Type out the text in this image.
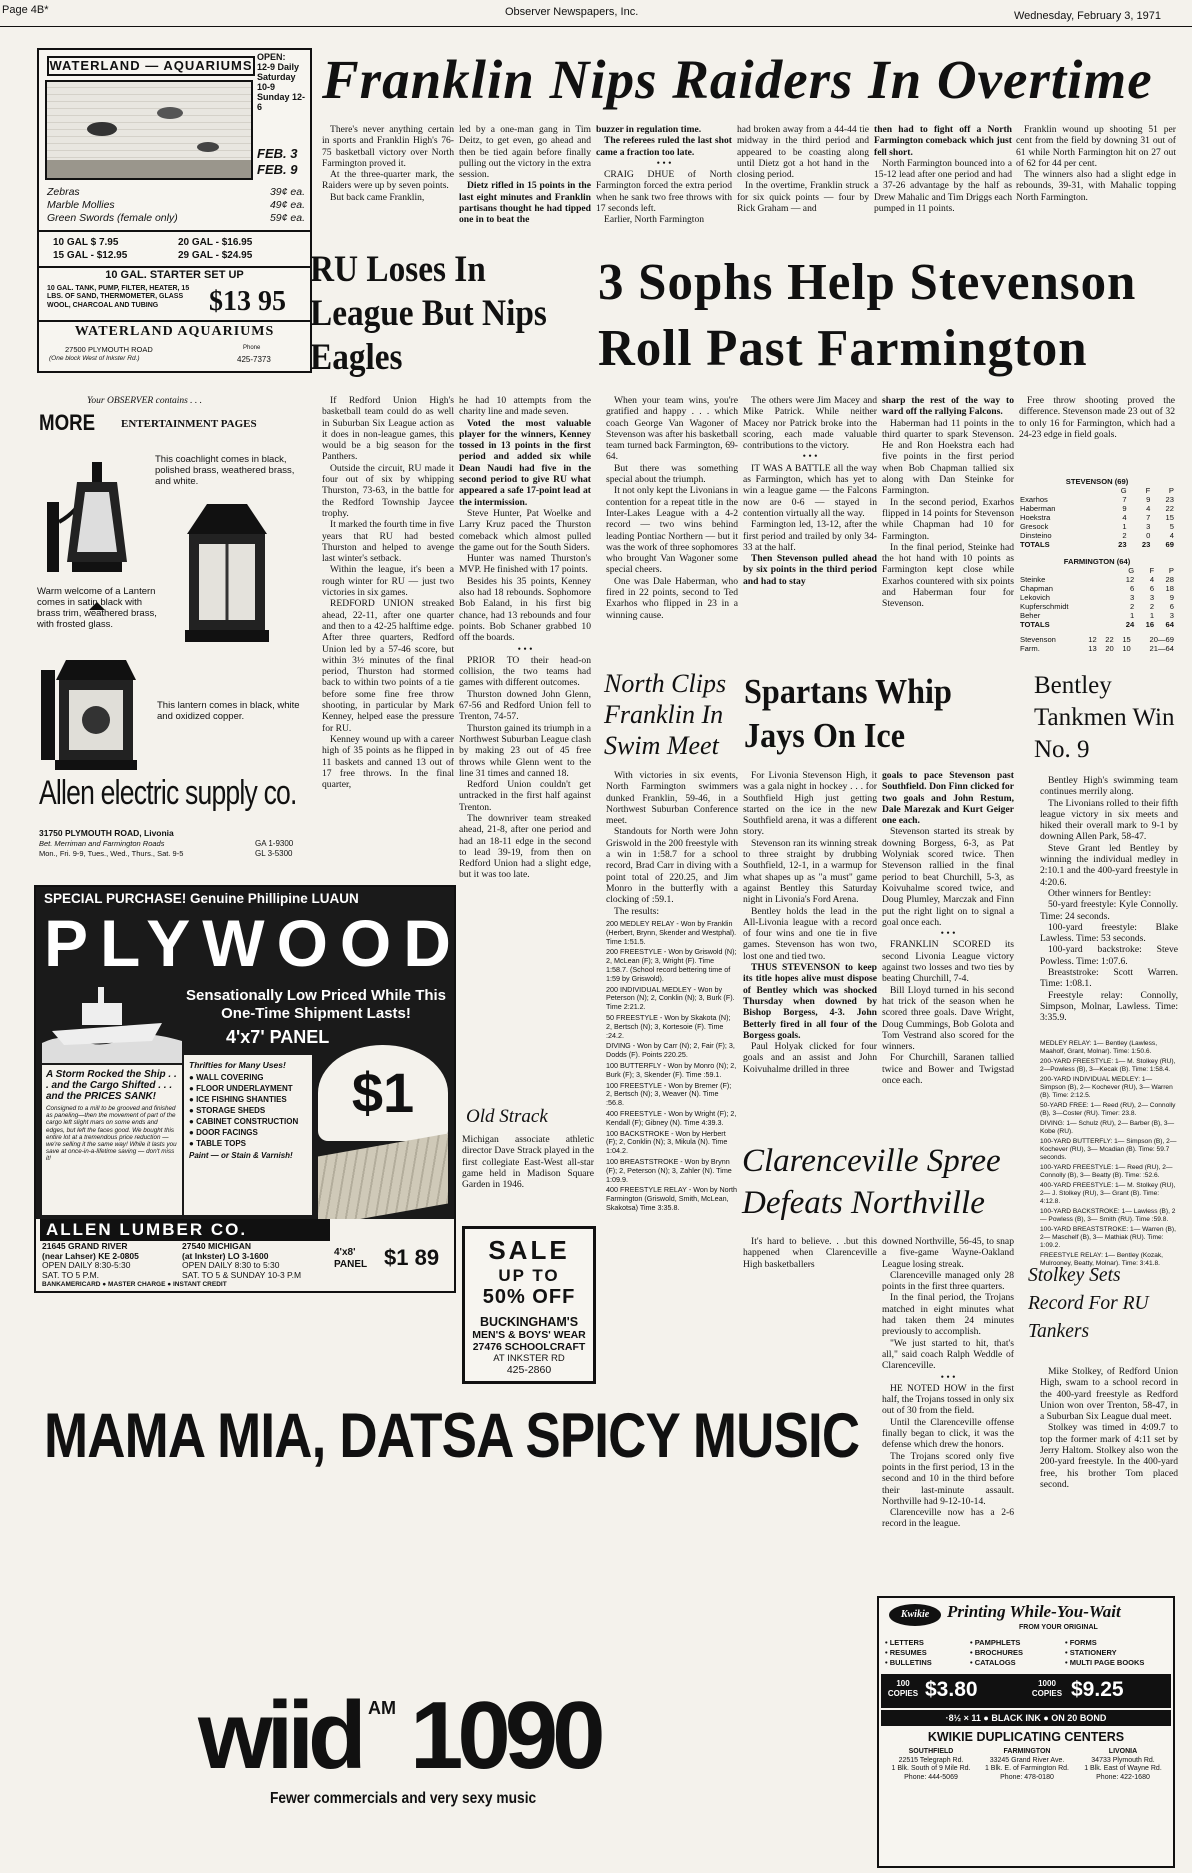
Page 4B*	Observer Newspapers, Inc.	Wednesday, February 3, 1971
WATERLAND — AQUARIUMS
OPEN:
12-9 Daily
Saturday 10-9
Sunday 12-6
FEB. 3
FEB. 9
Zebras	39¢ ea.
Marble Mollies	49¢ ea.
Green Swords (female only)	59¢ ea.
10 GAL $ 7.95	20 GAL - $16.95
15 GAL - $12.95	29 GAL - $24.95
10 GAL. STARTER SET UP
10 GAL. TANK, PUMP, FILTER, HEATER, 15 LBS. OF SAND, THERMOMETER, GLASS WOOL, CHARCOAL AND TUBING	$13 95
WATERLAND AQUARIUMS
27500 PLYMOUTH ROAD
(One block West of Inkster Rd.)
Phone
425-7373
Your OBSERVER contains . . .
MORE ENTERTAINMENT PAGES
This coachlight comes in black, polished brass, weathered brass, and white.
Warm welcome of a Lantern comes in satin black with brass trim, weathered brass, with frosted glass.
This lantern comes in black, white and oxidized copper.
Allen electric supply co.
31750 PLYMOUTH ROAD, Livonia
Bet. Merriman and Farmington Roads
Mon., Fri. 9-9, Tues., Wed., Thurs., Sat. 9-5
GA 1-9300
GL 3-5300
SPECIAL PURCHASE! Genuine Phillipine LUAUN
PLYWOOD
Sensationally Low Priced While This One-Time Shipment Lasts!
4'x7' PANEL
A Storm Rocked the Ship . . . and the Cargo Shifted . . . and the PRICES SANK!
Consigned to a mill to be grooved and finished as paneling—then the movement of part of the cargo left slight mars on some ends and edges, but left the faces good. We bought this entire lot at a tremendous price reduction — we're selling it the same way! While it lasts you save at once-in-a-lifetime saving — don't miss it!
Thrifties for Many Uses!
● WALL COVERING
● FLOOR UNDERLAYMENT
● ICE FISHING SHANTIES
● STORAGE SHEDS
● CABINET CONSTRUCTION
● DOOR FACINGS
● TABLE TOPS
Paint — or Stain & Varnish!
$1
ALLEN LUMBER CO.
21645 GRAND RIVER
(near Lahser) KE 2-0805
OPEN DAILY 8:30-5:30
SAT. TO 5 P.M.
27540 MICHIGAN
(at Inkster) LO 3-1600
OPEN DAILY 8:30 to 5:30
SAT. TO 5 & SUNDAY 10-3 P.M
4'x8' PANEL $1 89
BANKAMERICARD ● MASTER CHARGE ● INSTANT CREDIT
Franklin Nips Raiders In Overtime

There's never anything certain in sports and Franklin High's 76-75 basketball victory over North Farmington proved it.

At the three-quarter mark, the Raiders were up by seven points.

But back came Franklin,

led by a one-man gang in Tim Deitz, to get even, go ahead and then be tied again before finally pulling out the victory in the extra session.

Dietz rifled in 15 points in the last eight minutes and Franklin partisans thought he had tipped one in to beat the

buzzer in regulation time.

The referees ruled the last shot came a fraction too late.

• • •

CRAIG DHUE of North Farmington forced the extra period when he sank two free throws with 17 seconds left.

Earlier, North Farmington

had broken away from a 44-44 tie midway in the third period and appeared to be coasting along until Dietz got a hot hand in the closing period.

In the overtime, Franklin struck for six quick points — four by Rick Graham — and

then had to fight off a North Farmington comeback which just fell short.

North Farmington bounced into a 15-12 lead after one period and had a 37-26 advantage by the half as Drew Mahalic and Tim Driggs each pumped in 11 points.

Franklin wound up shooting 51 per cent from the field by downing 31 out of 61 while North Farmington hit on 27 out of 62 for 44 per cent.

The winners also had a slight edge in rebounds, 39-31, with Mahalic topping North Farmington.

RU Loses In League But Nips Eagles

If Redford Union High's basketball team could do as well in Suburban Six League action as it does in non-league games, this would be a big season for the Panthers.

Outside the circuit, RU made it four out of six by whipping Thurston, 73-63, in the battle for the Redford Township Jaycee trophy.

It marked the fourth time in five years that RU had bested Thurston and helped to avenge last winter's setback.

Within the league, it's been a rough winter for RU — just two victories in six games.

REDFORD UNION streaked ahead, 22-11, after one quarter and then to a 42-25 halftime edge. After three quarters, Redford Union led by a 57-46 score, but within 3½ minutes of the final period, Thurston had stormed back to within two points of a tie before some fine free throw shooting, in particular by Mark Kenney, helped ease the pressure for RU.

Kenney wound up with a career high of 35 points as he flipped in 11 baskets and canned 13 out of 17 free throws. In the final quarter,

he had 10 attempts from the charity line and made seven.

Voted the most valuable player for the winners, Kenney tossed in 13 points in the first period and added six while Dean Naudi had five in the second period to give RU what appeared a safe 17-point lead at the intermission.

Steve Hunter, Pat Woelke and Larry Kruz paced the Thurston comeback which almost pulled the game out for the South Siders.

Hunter was named Thurston's MVP. He finished with 17 points.

Besides his 35 points, Kenney also had 18 rebounds. Sophomore Bob Ealand, in his first big chance, had 13 rebounds and four points. Bob Schaner grabbed 10 off the boards.

• • •

PRIOR TO their head-on collision, the two teams had games with different outcomes.

Thurston downed John Glenn, 67-56 and Redford Union fell to Trenton, 74-57.

Thurston gained its triumph in a Northwest Suburban League clash by making 23 out of 45 free throws while Glenn went to the line 31 times and canned 18.

Redford Union couldn't get untracked in the first half against Trenton.

The downriver team streaked ahead, 21-8, after one period and had an 18-11 edge in the second to lead 39-19, from then on Redford Union had a slight edge, but it was too late.

Old Strack

Michigan associate athletic director Dave Strack played in the first collegiate East-West all-star game held in Madison Square Garden in 1946.

SALE
UP TO
50% OFF
BUCKINGHAM'S
MEN'S & BOYS' WEAR
27476 SCHOOLCRAFT
AT INKSTER RD
425-2860
3 Sophs Help Stevenson Roll Past Farmington

When your team wins, you're gratified and happy . . . which coach George Van Wagoner of Stevenson was after his basketball team turned back Farmington, 69-64.

But there was something special about the triumph.

It not only kept the Livonians in contention for a repeat title in the Inter-Lakes League with a 4-2 record — two wins behind leading Pontiac Northern — but it was the work of three sophomores who brought Van Wagoner some special cheers.

One was Dale Haberman, who fired in 22 points, second to Ted Exarhos who flipped in 23 in a winning cause.

The others were Jim Macey and Mike Patrick. While neither Macey nor Patrick broke into the scoring, each made valuable contributions to the victory.

• • •

IT WAS A BATTLE all the way as Farmington, which has yet to win a league game — the Falcons now are 0-6 — stayed in contention virtually all the way.

Farmington led, 13-12, after the first period and trailed by only 34-33 at the half.

Then Stevenson pulled ahead by six points in the third period and had to stay

sharp the rest of the way to ward off the rallying Falcons.

Haberman had 11 points in the third quarter to spark Stevenson. He and Ron Hoekstra each had five points in the first period when Bob Chapman tallied six along with Dan Steinke for Farmington.

In the second period, Exarhos flipped in 14 points for Stevenson while Chapman had 10 for Farmington.

In the final period, Steinke had the hot hand with 10 points as Farmington kept close while Exarhos countered with six points and Haberman four for Stevenson.

Free throw shooting proved the difference. Stevenson made 23 out of 32 to only 16 for Farmington, which had a 24-23 edge in field goals.

STEVENSON (69)
	G	F	P
Exarhos	7	9	23
Haberman	9	4	22
Hoekstra	4	7	15
Gresock	1	3	5
Dinsteino	2	0	4
TOTALS	23	23	69
FARMINGTON (64)
	G	F	P
Steinke	12	4	28
Chapman	6	6	18
Lekovich	3	3	9
Kupferschmidt	2	2	6
Beher	1	1	3
TOTALS	24	16	64
Stevenson	12	22	15	20—69
Farm.	13	20	10	21—64
North Clips Franklin In Swim Meet

With victories in six events, North Farmington swimmers dunked Franklin, 59-46, in a Northwest Suburban Conference meet.

Standouts for North were John Griswold in the 200 freestyle with a win in 1:58.7 for a school record, Brad Carr in diving with a point total of 220.25, and Jim Monro in the butterfly with a clocking of :59.1.

The results:

200 MEDLEY RELAY - Won by Franklin (Herbert, Brynn, Skender and Westphal). Time 1:51.5.

200 FREESTYLE - Won by Griswold (N); 2, McLean (F); 3, Wright (F). Time 1:58.7. (School record bettering time of 1:59 by Griswold).

200 INDIVIDUAL MEDLEY - Won by Peterson (N); 2, Conklin (N); 3, Burk (F). Time 2:21.2.

50 FREESTYLE - Won by Skakota (N); 2, Bertsch (N); 3, Kortesoie (F). Time :24.2.

DIVING - Won by Carr (N); 2, Fair (F); 3, Dodds (F). Points 220.25.

100 BUTTERFLY - Won by Monro (N); 2, Burk (F); 3, Skender (F). Time :59.1.

100 FREESTYLE - Won by Bremer (F); 2, Bertsch (N); 3, Weaver (N). Time :56.8.

400 FREESTYLE - Won by Wright (F); 2, Kendall (F); Gibney (N). Time 4:39.3.

100 BACKSTROKE - Won by Herbert (F); 2, Conklin (N); 3, Mikula (N). Time 1:04.2.

100 BREASTSTROKE - Won by Brynn (F); 2, Peterson (N); 3, Zahler (N). Time 1:09.9.

400 FREESTYLE RELAY - Won by North Farmington (Griswold, Smith, McLean, Skakotsa) Time 3:35.8.

Spartans Whip Jays On Ice

For Livonia Stevenson High, it was a gala night in hockey . . . for Southfield High just getting started on the ice in the new Southfield arena, it was a different story.

Stevenson ran its winning streak to three straight by drubbing Southfield, 12-1, in a warmup for what shapes up as "a must" game against Bentley this Saturday night in Livonia's Ford Arena.

Bentley holds the lead in the All-Livonia league with a record of four wins and one tie in five games. Stevenson has won two, lost one and tied two.

THUS STEVENSON to keep its title hopes alive must dispose of Bentley which was shocked Thursday when downed by Bishop Borgess, 4-3. John Betterly fired in all four of the Borgess goals.

Paul Holyak clicked for four goals and an assist and John Koivuhalme drilled in three

goals to pace Stevenson past Southfield. Don Finn clicked for two goals and John Restum, Dale Marezak and Kurt Geiger one each.

Stevenson started its streak by downing Borgess, 6-3, as Pat Wolyniak scored twice. Then Stevenson rallied in the final period to beat Churchill, 5-3, as Koivuhalme scored twice, and Doug Plumley, Marczak and Finn put the right light on to signal a goal once each.

• • •

FRANKLIN SCORED its second Livonia League victory against two losses and two ties by beating Churchill, 7-4.

Bill Lloyd turned in his second hat trick of the season when he scored three goals. Dave Wright, Doug Cummings, Bob Golota and Tom Vestrand also scored for the winners.

For Churchill, Saranen tallied twice and Bower and Twigstad once each.

Bentley Tankmen Win No. 9

Bentley High's swimming team continues merrily along.

The Livonians rolled to their fifth league victory in six meets and hiked their overall mark to 9-1 by downing Allen Park, 58-47.

Steve Grant led Bentley by winning the individual medley in 2:10.1 and the 400-yard freestyle in 4:20.6.

Other winners for Bentley:

50-yard freestyle: Kyle Connolly. Time: 24 seconds.

100-yard freestyle: Blake Lawless. Time: 53 seconds.

100-yard backstroke: Steve Powless. Time: 1:07.6.

Breaststroke: Scott Warren. Time: 1:08.1.

Freestyle relay: Connolly, Simpson, Molnar, Lawless. Time: 3:35.9.

MEDLEY RELAY: 1— Bentley (Lawless, Maaholf, Grant, Molnar). Time: 1:50.6.

200-YARD FREESTYLE: 1— M. Stolkey (RU), 2—Powless (B), 3—Kecak (B). Time: 1:58.4.

200-YARD INDIVIDUAL MEDLEY: 1— Simpson (B), 2— Kochever (RU), 3— Warren (B). Time: 2:12.5.

50-YARD FREE: 1— Reed (RU), 2— Connolly (B), 3—Coster (RU). Timer: 23.8.

DIVING: 1— Schulz (RU), 2— Barber (B), 3— Kobe (RU).

100-YARD BUTTERFLY: 1— Simpson (B), 2— Kochever (RU), 3— Mcadian (B). Time: 59.7 seconds.

100-YARD FREESTYLE: 1— Reed (RU), 2— Connolly (B), 3— Beatty (B). Time: :52.6.

400-YARD FREESTYLE: 1— M. Stolkey (RU), 2— J. Stolkey (RU), 3— Grant (B). Time: 4:12.8.

100-YARD BACKSTROKE: 1— Lawless (B), 2— Powless (B), 3— Smith (RU). Time :59.8.

100-YARD BREASTSTROKE: 1— Warren (B), 2— Maschelf (B), 3— Mathiak (RU). Time: 1:09.2.

FREESTYLE RELAY: 1— Bentley (Kozak, Mulrooney, Beatty, Molnar). Time: 3:41.8.

Clarenceville Spree Defeats Northville

It's hard to believe. . .but this happened when Clarenceville High basketballers

downed Northville, 56-45, to snap a five-game Wayne-Oakland League losing streak.

Clarenceville managed only 28 points in the first three quarters.

In the final period, the Trojans matched in eight minutes what had taken them 24 minutes previously to accomplish.

"We just started to hit, that's all," said coach Ralph Weddle of Clarenceville.

• • •

HE NOTED HOW in the first half, the Trojans tossed in only six out of 30 from the field.

Until the Clarenceville offense finally began to click, it was the defense which drew the honors.

The Trojans scored only five points in the first period, 13 in the second and 10 in the third before their last-minute assault. Northville had 9-12-10-14.

Clarenceville now has a 2-6 record in the league.

Stolkey Sets Record For RU Tankers

Mike Stolkey, of Redford Union High, swam to a school record in the 400-yard freestyle as Redford Union won over Trenton, 58-47, in a Suburban Six League dual meet.

Stolkey was timed in 4:09.7 to top the former mark of 4:11 set by Jerry Haltom. Stolkey also won the 200-yard freestyle. In the 400-yard free, his brother Tom placed second.

MAMA MIA, DATSA SPICY MUSIC
wiid AM 1090
Fewer commercials and very sexy music
Kwikie	Printing While-You-Wait
FROM YOUR ORIGINAL
• LETTERS
• RESUMES
• BULLETINS
• PAMPHLETS
• BROCHURES
• CATALOGS
• FORMS
• STATIONERY
• MULTI PAGE BOOKS
100 COPIES $3.80	1000 COPIES $9.25
·8½ × 11 ● BLACK INK ● ON 20 BOND
KWIKIE DUPLICATING CENTERS
SOUTHFIELD
22515 Telegraph Rd.
1 Blk. South of 9 Mile Rd.
Phone: 444-5069
FARMINGTON
33245 Grand River Ave.
1 Blk. E. of Farmington Rd.
Phone: 478-0180
LIVONIA
34733 Plymouth Rd.
1 Blk. East of Wayne Rd.
Phone: 422-1680
